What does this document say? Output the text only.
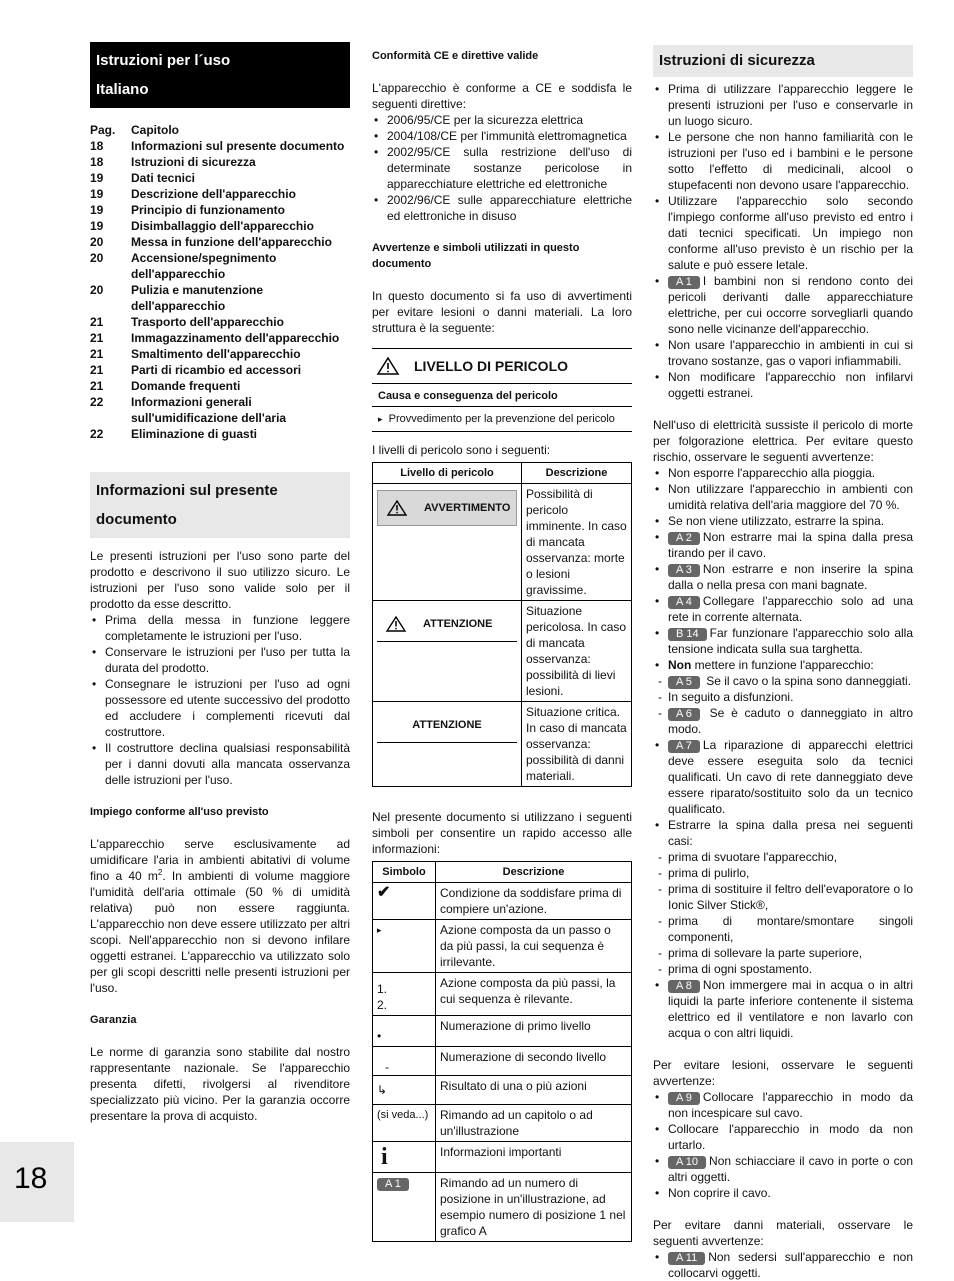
Istruzioni per l´uso
Italiano
Pag.	Capitolo
18	Informazioni sul presente documento
18	Istruzioni di sicurezza
19	Dati tecnici
19	Descrizione dell'apparecchio
19	Principio di funzionamento
19	Disimballaggio dell'apparecchio
20	Messa in funzione dell'apparecchio
20	Accensione/spegnimento dell'apparecchio
20	Pulizia e manutenzione dell'apparecchio
21	Trasporto dell'apparecchio
21	Immagazzinamento dell'apparecchio
21	Smaltimento dell'apparecchio
21	Parti di ricambio ed accessori
21	Domande frequenti
22	Informazioni generali sull'umidificazione dell'aria
22	Eliminazione di guasti
Informazioni sul presente documento

Le presenti istruzioni per l'uso sono parte del prodotto e descrivono il suo utilizzo sicuro. Le istruzioni per l'uso sono valide solo per il prodotto da esse descritto.

• Prima della messa in funzione leggere completamente le istruzioni per l'uso.
• Conservare le istruzioni per l'uso per tutta la durata del prodotto.
• Consegnare le istruzioni per l'uso ad ogni possessore ed utente successivo del prodotto ed accludere i complementi ricevuti dal costruttore.
• Il costruttore declina qualsiasi responsabilità per i danni dovuti alla mancata osservanza delle istruzioni per l'uso.

Impiego conforme all'uso previsto

L'apparecchio serve esclusivamente ad umidificare l'aria in ambienti abitativi di volume fino a 40 $m^2$. In ambienti di volume maggiore l'umidità dell'aria ottimale (50 % di umidità relativa) può non essere raggiunta. L'apparecchio non deve essere utilizzato per altri scopi. Nell'apparecchio non si devono infilare oggetti estranei. L'apparecchio va utilizzato solo per gli scopi descritti nelle presenti istruzioni per l'uso.

Garanzia

Le norme di garanzia sono stabilite dal nostro rappresentante nazionale. Se l'apparecchio presenta difetti, rivolgersi al rivenditore specializzato più vicino. Per la garanzia occorre presentare la prova di acquisto.

Conformità CE e direttive valide

L'apparecchio è conforme a CE e soddisfa le seguenti direttive:

• 2006/95/CE per la sicurezza elettrica
• 2004/108/CE per l'immunità elettromagnetica
• 2002/95/CE sulla restrizione dell'uso di determinate sostanze pericolose in apparecchiature elettriche ed elettroniche
• 2002/96/CE sulle apparecchiature elettriche ed elettroniche in disuso

Avvertenze e simboli utilizzati in questo documento

In questo documento si fa uso di avvertimenti per evitare lesioni o danni materiali. La loro struttura è la seguente:

LIVELLO DI PERICOLO
Causa e conseguenza del pericolo
▸ Provvedimento per la prevenzione del pericolo

I livelli di pericolo sono i seguenti:

Livello di pericolo	Descrizione

AVVERTIMENTO	Possibilità di pericolo imminente. In caso di mancata osservanza: morte o lesioni gravissime.

ATTENZIONE	Situazione pericolosa. In caso di mancata osservanza: possibilità di lievi lesioni.

ATTENZIONE	Situazione critica. In caso di mancata osservanza: possibilità di danni materiali.

Nel presente documento si utilizzano i seguenti simboli per consentire un rapido accesso alle informazioni:

Simbolo	Descrizione
✔	Condizione da soddisfare prima di compiere un'azione.
▸	Azione composta da un passo o da più passi, la cui sequenza è irrilevante.
1.
2.	Azione composta da più passi, la cui sequenza è rilevante.
•	Numerazione di primo livello
-	Numerazione di secondo livello
↳	Risultato di una o più azioni
(si veda...)	Rimando ad un capitolo o ad un'illustrazione
i	Informazioni importanti
A 1	Rimando ad un numero di posizione in un'illustrazione, ad esempio numero di posizione 1 nel grafico A
Istruzioni di sicurezza
• Prima di utilizzare l'apparecchio leggere le presenti istruzioni per l'uso e conservarle in un luogo sicuro.
• Le persone che non hanno familiarità con le istruzioni per l'uso ed i bambini e le persone sotto l'effetto di medicinali, alcool o stupefacenti non devono usare l'apparecchio.
• Utilizzare l'apparecchio solo secondo l'impiego conforme all'uso previsto ed entro i dati tecnici specificati. Un impiego non conforme all'uso previsto è un rischio per la salute e può essere letale.
• A 1 I bambini non si rendono conto dei pericoli derivanti dalle apparecchiature elettriche, per cui occorre sorvegliarli quando sono nelle vicinanze dell'apparecchio.
• Non usare l'apparecchio in ambienti in cui si trovano sostanze, gas o vapori infiammabili.
• Non modificare l'apparecchio non infilarvi oggetti estranei.

Nell'uso di elettricità sussiste il pericolo di morte per folgorazione elettrica. Per evitare questo rischio, osservare le seguenti avvertenze:

• Non esporre l'apparecchio alla pioggia.
• Non utilizzare l'apparecchio in ambienti con umidità relativa dell'aria maggiore del 70 %.
• Se non viene utilizzato, estrarre la spina.
• A 2 Non estrarre mai la spina dalla presa tirando per il cavo.
• A 3 Non estrarre e non inserire la spina dalla o nella presa con mani bagnate.
• A 4 Collegare l'apparecchio solo ad una rete in corrente alternata.
• B 14 Far funzionare l'apparecchio solo alla tensione indicata sulla sua targhetta.
• Non mettere in funzione l'apparecchio:
- A 5 Se il cavo o la spina sono danneggiati.
- In seguito a disfunzioni.
- A 6 Se è caduto o danneggiato in altro modo.
• A 7 La riparazione di apparecchi elettrici deve essere eseguita solo da tecnici qualificati. Un cavo di rete danneggiato deve essere riparato/sostituito solo da un tecnico qualificato.
• Estrarre la spina dalla presa nei seguenti casi:
- prima di svuotare l'apparecchio,
- prima di pulirlo,
- prima di sostituire il feltro dell'evaporatore o lo Ionic Silver Stick®,
- prima di montare/smontare singoli componenti,
- prima di sollevare la parte superiore,
- prima di ogni spostamento.
• A 8 Non immergere mai in acqua o in altri liquidi la parte inferiore contenente il sistema elettrico ed il ventilatore e non lavarlo con acqua o con altri liquidi.

Per evitare lesioni, osservare le seguenti avvertenze:

• A 9 Collocare l'apparecchio in modo da non incespicare sul cavo.
• Collocare l'apparecchio in modo da non urtarlo.
• A 10 Non schiacciare il cavo in porte o con altri oggetti.
• Non coprire il cavo.

Per evitare danni materiali, osservare le seguenti avvertenze:

• A 11 Non sedersi sull'apparecchio e non collocarvi oggetti.
18
